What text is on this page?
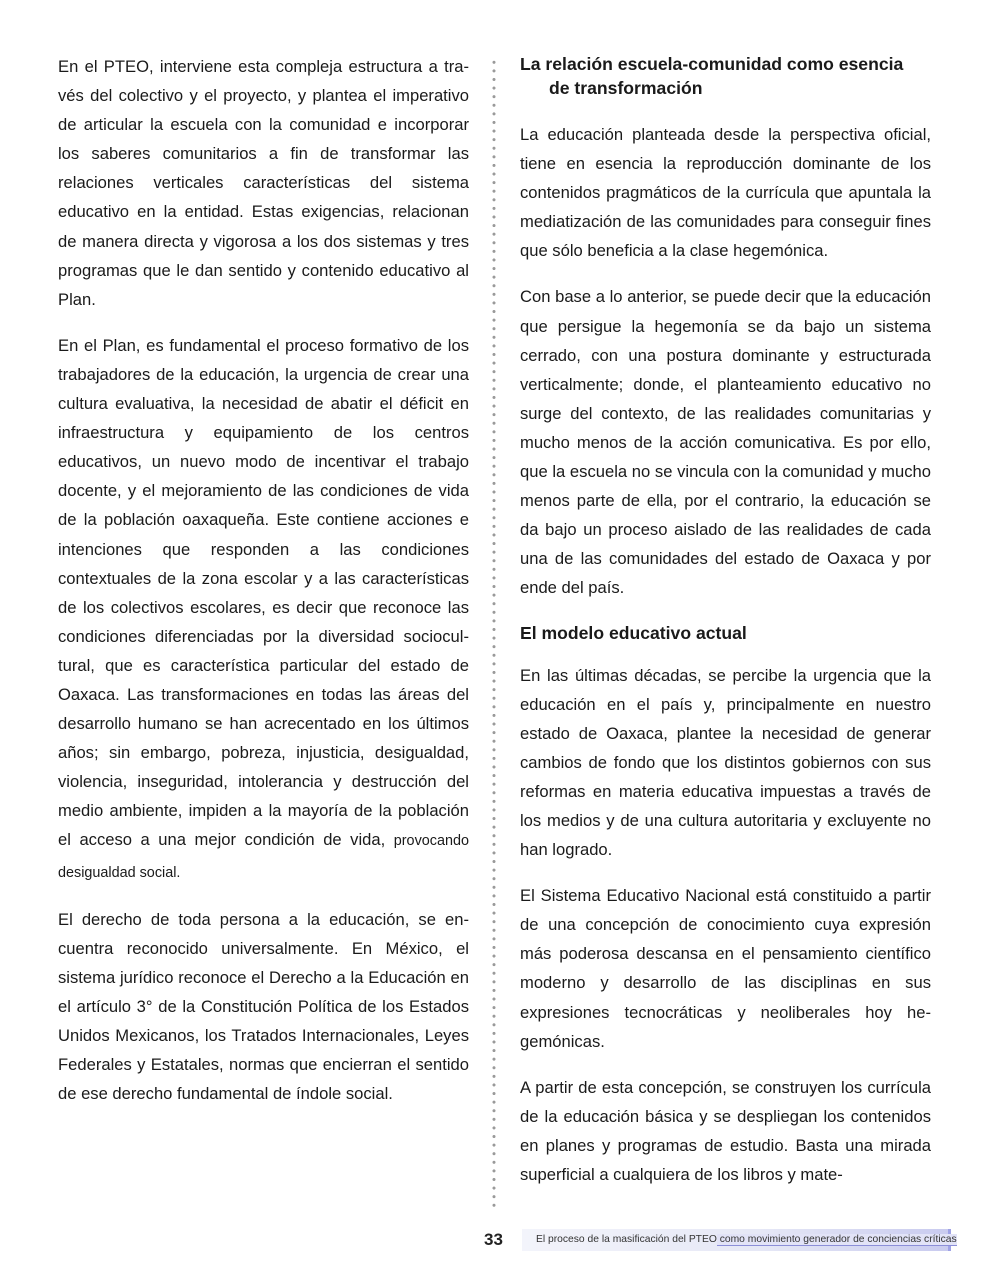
En el PTEO, interviene esta compleja estructura a través del colectivo y el proyecto, y plantea el imperativo de articular la escuela con la comunidad e incorporar los saberes comunitarios a fin de transformar las relaciones verticales características del sistema educativo en la entidad. Estas exigencias, relacionan de manera directa y vigorosa a los dos sistemas y tres programas que le dan sentido y contenido educativo al Plan.

En el Plan, es fundamental el proceso formativo de los trabajadores de la educación, la urgencia de crear una cultura evaluativa, la necesidad de abatir el déficit en infraestructura y equipamiento de los centros educativos, un nuevo modo de incentivar el trabajo docente, y el mejoramiento de las condiciones de vida de la población oaxaqueña. Este contiene acciones e intenciones que responden a las condiciones contextuales de la zona escolar y a las características de los colectivos escolares, es decir que reconoce las condiciones diferenciadas por la diversidad sociocultural, que es característica particular del estado de Oaxaca. Las transformaciones en todas las áreas del desarrollo humano se han acrecentado en los últimos años; sin embargo, pobreza, injusticia, desigualdad, violencia, inseguridad, intolerancia y destrucción del medio ambiente, impiden a la mayoría de la población el acceso a una mejor condición de vida, provocando desigualdad social.

El derecho de toda persona a la educación, se encuentra reconocido universalmente. En México, el sistema jurídico reconoce el Derecho a la Educación en el artículo 3° de la Constitución Política de los Estados Unidos Mexicanos, los Tratados Internacionales, Leyes Federales y Estatales, normas que encierran el sentido de ese derecho fundamental de índole social.

La relación escuela-comunidad como esencia
de transformación

La educación planteada desde la perspectiva oficial, tiene en esencia la reproducción dominante de los contenidos pragmáticos de la currícula que apuntala la mediatización de las comunidades para conseguir fines que sólo beneficia a la clase hegemónica.

Con base a lo anterior, se puede decir que la educación que persigue la hegemonía se da bajo un sistema cerrado, con una postura dominante y estructurada verticalmente; donde, el planteamiento educativo no surge del contexto, de las realidades comunitarias y mucho menos de la acción comunicativa. Es por ello, que la escuela no se vincula con la comunidad y mucho menos parte de ella, por el contrario, la educación se da bajo un proceso aislado de las realidades de cada una de las comunidades del estado de Oaxaca y por ende del país.

El modelo educativo actual

En las últimas décadas, se percibe la urgencia que la educación en el país y, principalmente en nuestro estado de Oaxaca, plantee la necesidad de generar cambios de fondo que los distintos gobiernos con sus reformas en materia educativa impuestas a través de los medios y de una cultura autoritaria y excluyente no han logrado.

El Sistema Educativo Nacional está constituido a partir de una concepción de conocimiento cuya expresión más poderosa descansa en el pensamiento científico moderno y desarrollo de las disciplinas en sus expresiones tecnocráticas y neoliberales hoy hegemónicas.

A partir de esta concepción, se construyen los currícula de la educación básica y se despliegan los contenidos en planes y programas de estudio. Basta una mirada superficial a cualquiera de los libros y mate-

33	El proceso de la masificación del PTEO como movimiento generador de conciencias críticas
